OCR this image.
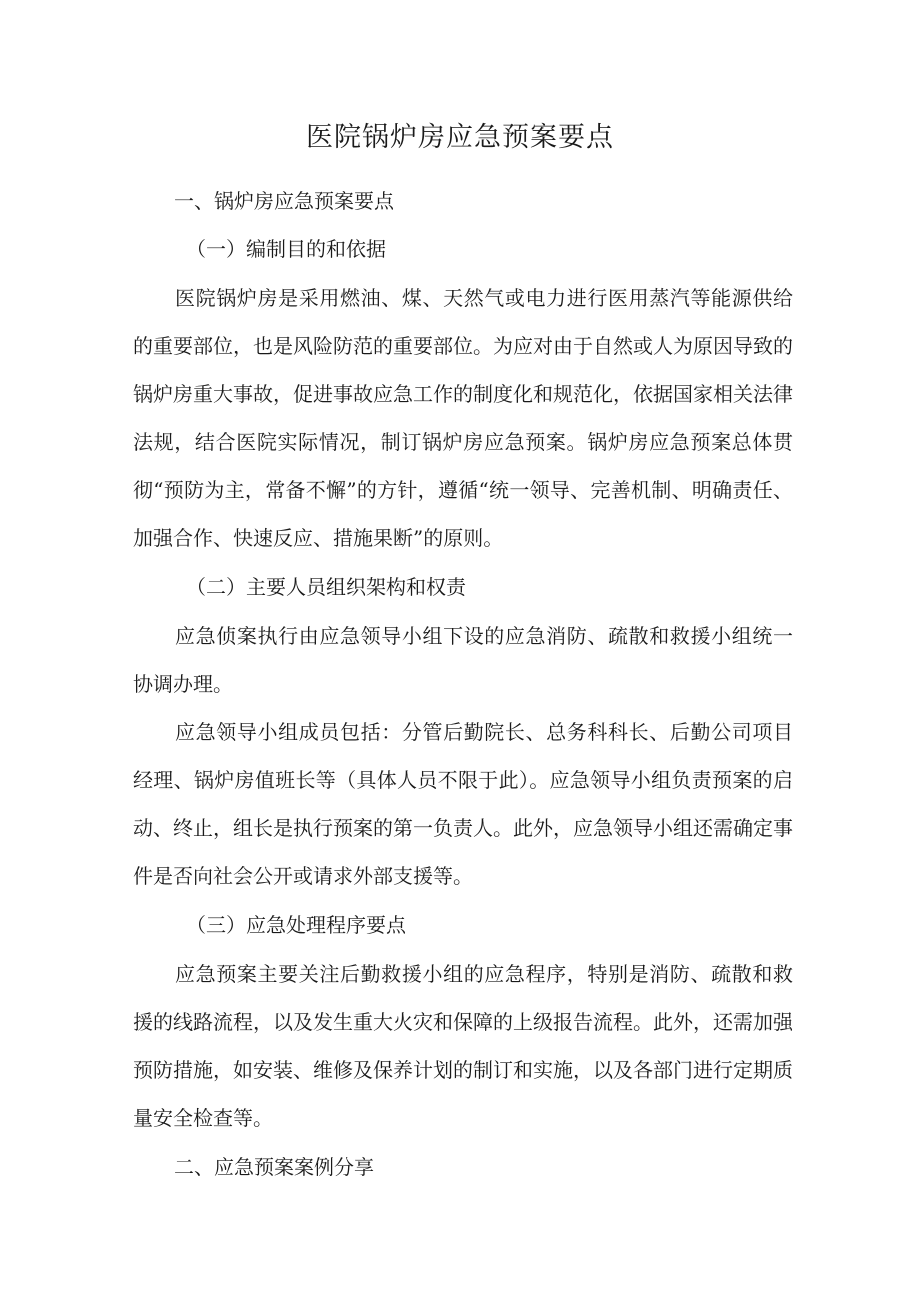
医院锅炉房应急预案要点
一、锅炉房应急预案要点
（一）编制目的和依据

医院锅炉房是采用燃油、煤、天然气或电力进行医用蒸汽等能源供给的重要部位，也是风险防范的重要部位。为应对由于自然或人为原因导致的锅炉房重大事故，促进事故应急工作的制度化和规范化，依据国家相关法律法规，结合医院实际情况，制订锅炉房应急预案。锅炉房应急预案总体贯彻“预防为主，常备不懈”的方针，遵循“统一领导、完善机制、明确责任、加强合作、快速反应、措施果断”的原则。

（二）主要人员组织架构和权责

应急侦案执行由应急领导小组下设的应急消防、疏散和救援小组统一协调办理。

应急领导小组成员包括：分管后勤院长、总务科科长、后勤公司项目经理、锅炉房值班长等（具体人员不限于此）。应急领导小组负责预案的启动、终止，组长是执行预案的第一负责人。此外，应急领导小组还需确定事件是否向社会公开或请求外部支援等。

（三）应急处理程序要点

应急预案主要关注后勤救援小组的应急程序，特别是消防、疏散和救援的线路流程，以及发生重大火灾和保障的上级报告流程。此外，还需加强预防措施，如安装、维修及保养计划的制订和实施，以及各部门进行定期质量安全检查等。

二、应急预案案例分享
